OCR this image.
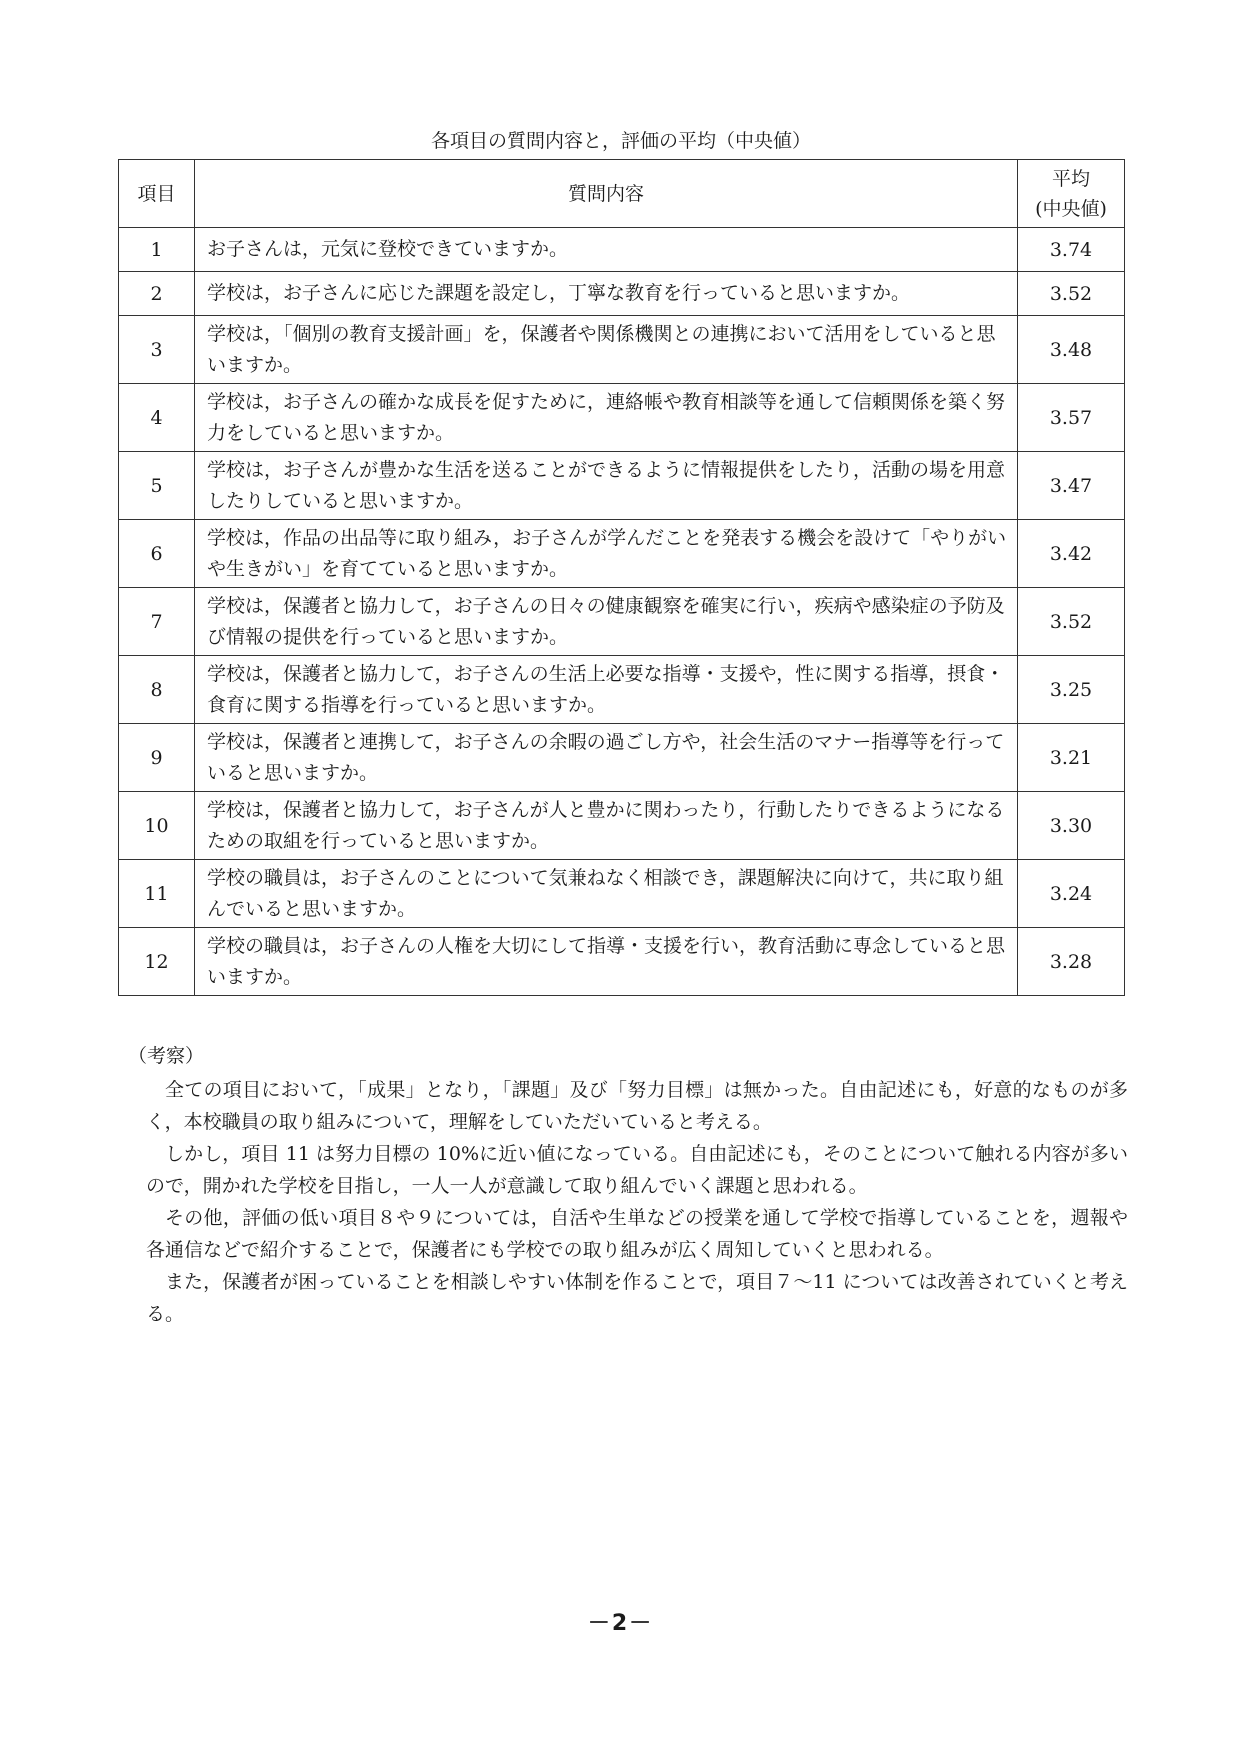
各項目の質問内容と，評価の平均（中央値）
項目	質問内容	平均
(中央値)

1	お子さんは，元気に登校できていますか。	3.74
2	学校は，お子さんに応じた課題を設定し，丁寧な教育を行っていると思いますか。	3.52
3	学校は，「個別の教育支援計画」を，保護者や関係機関との連携において活用をしていると思いますか。	3.48
4	学校は，お子さんの確かな成長を促すために，連絡帳や教育相談等を通して信頼関係を築く努力をしていると思いますか。	3.57
5	学校は，お子さんが豊かな生活を送ることができるように情報提供をしたり，活動の場を用意したりしていると思いますか。	3.47
6	学校は，作品の出品等に取り組み，お子さんが学んだことを発表する機会を設けて「やりがいや生きがい」を育てていると思いますか。	3.42
7	学校は，保護者と協力して，お子さんの日々の健康観察を確実に行い，疾病や感染症の予防及び情報の提供を行っていると思いますか。	3.52
8	学校は，保護者と協力して，お子さんの生活上必要な指導・支援や，性に関する指導，摂食・食育に関する指導を行っていると思いますか。	3.25
9	学校は，保護者と連携して，お子さんの余暇の過ごし方や，社会生活のマナー指導等を行っていると思いますか。	3.21
10	学校は，保護者と協力して，お子さんが人と豊かに関わったり，行動したりできるようになるための取組を行っていると思いますか。	3.30
11	学校の職員は，お子さんのことについて気兼ねなく相談でき，課題解決に向けて，共に取り組んでいると思いますか。	3.24
12	学校の職員は，お子さんの人権を大切にして指導・支援を行い，教育活動に専念していると思いますか。	3.28
（考察）

全ての項目において，「成果」となり，「課題」及び「努力目標」は無かった。自由記述にも，好意的なものが多く，本校職員の取り組みについて，理解をしていただいていると考える。

しかし，項目 11 は努力目標の 10%に近い値になっている。自由記述にも，そのことについて触れる内容が多いので，開かれた学校を目指し，一人一人が意識して取り組んでいく課題と思われる。

その他，評価の低い項目８や９については，自活や生単などの授業を通して学校で指導していることを，週報や各通信などで紹介することで，保護者にも学校での取り組みが広く周知していくと思われる。

また，保護者が困っていることを相談しやすい体制を作ることで，項目７～11 については改善されていくと考える。

－2－
